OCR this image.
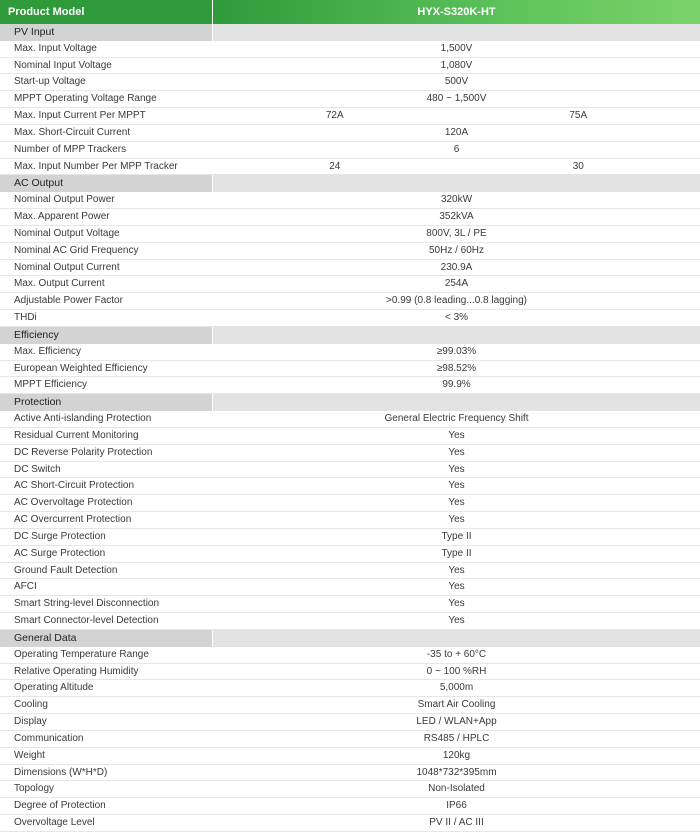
Product Model	HYX-S320K-HT
PV Input
Max. Input Voltage	1,500V
Nominal Input Voltage	1,080V
Start-up Voltage	500V
MPPT Operating Voltage Range	480 ~ 1,500V
Max. Input Current Per MPPT	72A	75A
Max. Short-Circuit Current	120A
Number of MPP Trackers	6
Max. Input Number Per MPP Tracker	24	30
AC Output
Nominal Output Power	320kW
Max. Apparent Power	352kVA
Nominal Output Voltage	800V, 3L / PE
Nominal AC Grid Frequency	50Hz / 60Hz
Nominal Output Current	230.9A
Max. Output Current	254A
Adjustable Power Factor	>0.99 (0.8 leading...0.8 lagging)
THDi	< 3%
Efficiency
Max. Efficiency	≥99.03%
European Weighted Efficiency	≥98.52%
MPPT Efficiency	99.9%
Protection
Active Anti-islanding Protection	General Electric Frequency Shift
Residual Current Monitoring	Yes
DC Reverse Polarity Protection	Yes
DC Switch	Yes
AC Short-Circuit Protection	Yes
AC Overvoltage Protection	Yes
AC Overcurrent Protection	Yes
DC Surge Protection	Type II
AC Surge Protection	Type II
Ground Fault Detection	Yes
AFCI	Yes
Smart String-level Disconnection	Yes
Smart Connector-level Detection	Yes
General Data
Operating Temperature Range	-35 to + 60°C
Relative Operating Humidity	0 ~ 100 %RH
Operating Altitude	5,000m
Cooling	Smart Air Cooling
Display	LED / WLAN+App
Communication	RS485 / HPLC
Weight	120kg
Dimensions (W*H*D)	1048*732*395mm
Topology	Non-Isolated
Degree of Protection	IP66
Overvoltage Level	PV II / AC III
